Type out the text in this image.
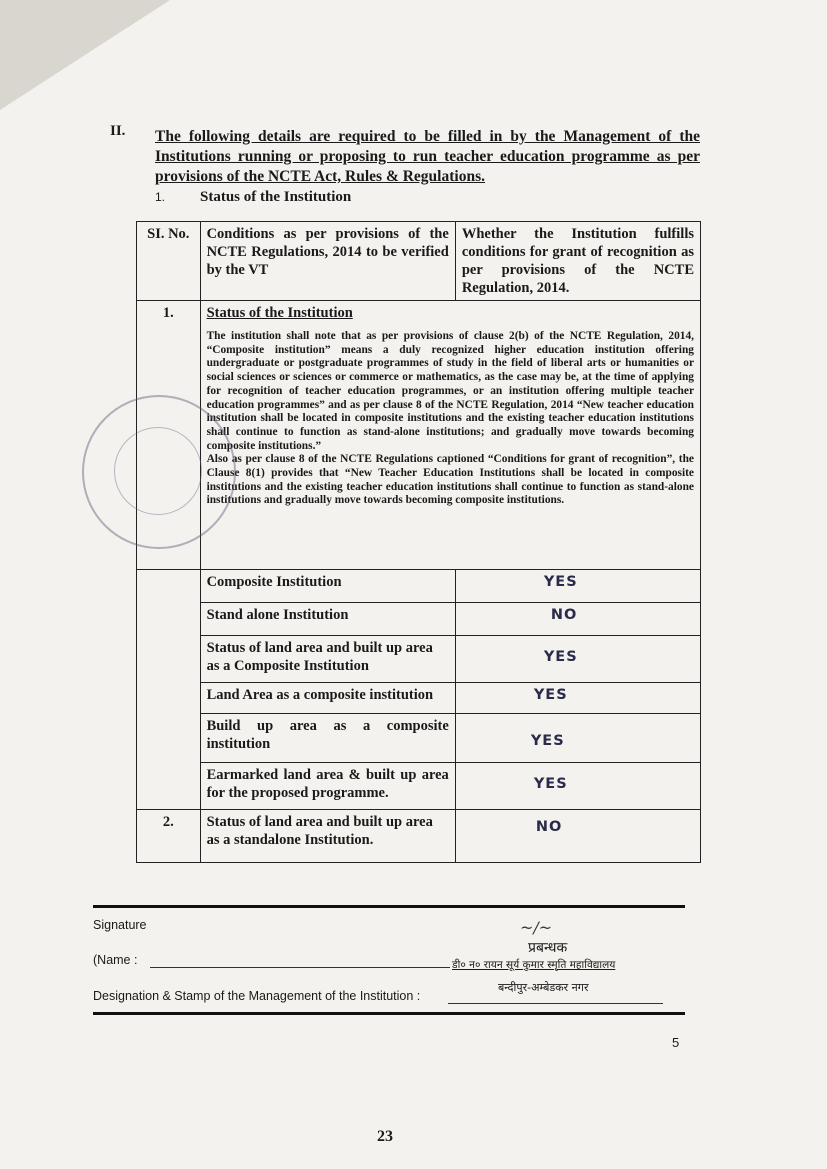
II. The following details are required to be filled in by the Management of the Institutions running or proposing to run teacher education programme as per provisions of the NCTE Act, Rules & Regulations.
1. Status of the Institution
SI. No.	Conditions as per provisions of the NCTE Regulations, 2014 to be verified by the VT	Whether the Institution fulfills conditions for grant of recognition as per provisions of the NCTE Regulation, 2014.
1.	Status of the Institution

The institution shall note that as per provisions of clause 2(b) of the NCTE Regulation, 2014, “Composite institution” means a duly recognized higher education institution offering undergraduate or postgraduate programmes of study in the field of liberal arts or humanities or social sciences or sciences or commerce or mathematics, as the case may be, at the time of applying for recognition of teacher education programmes, or an institution offering multiple teacher education programmes” and as per clause 8 of the NCTE Regulation, 2014 “New teacher education institution shall be located in composite institutions and the existing teacher education institutions shall continue to function as stand-alone institutions; and gradually move towards becoming composite institutions.”

Also as per clause 8 of the NCTE Regulations captioned “Conditions for grant of recognition”, the Clause 8(1) provides that “New Teacher Education Institutions shall be located in composite institutions and the existing teacher education institutions shall continue to function as stand-alone institutions and gradually move towards becoming composite institutions.	

	Composite Institution	YES
	Stand alone Institution	NO
	Status of land area and built up area as a Composite Institution	YES
	Land Area as a composite institution	YES
	Build up area as a composite institution	YES
	Earmarked land area & built up area for the proposed programme.	YES
2.	Status of land area and built up area as a standalone Institution.	NO
Signature	~/~
प्रबन्धक
(Name :	डी० न० रायन सूर्य कुमार स्मृति महाविद्यालय
बन्दीपुर-अम्बेडकर नगर
Designation & Stamp of the Management of the Institution :
5
23
